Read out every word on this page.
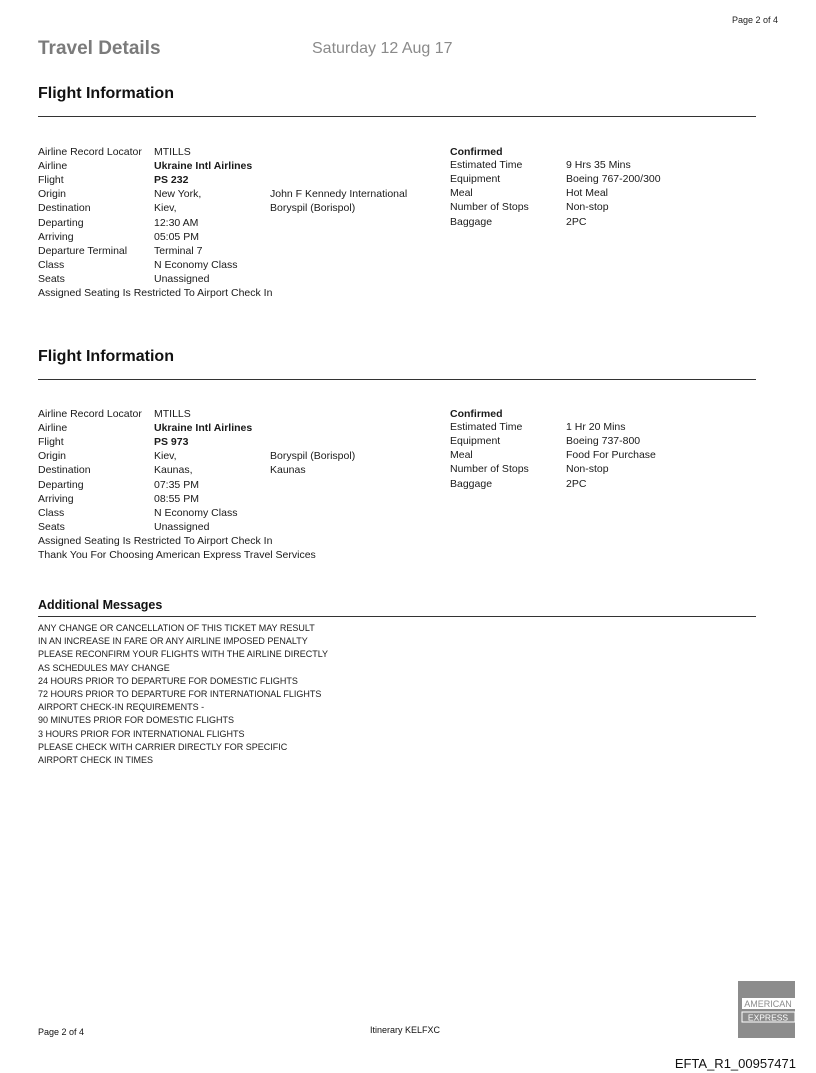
Page 2 of 4
Travel Details	Saturday 12 Aug 17
Flight Information
Airline Record Locator MTILLS
Airline	Ukraine Intl Airlines
Flight	PS 232
Origin	New York,	John F Kennedy International
Destination	Kiev,	Boryspil (Borispol)
Departing	12:30 AM
Arriving	05:05 PM
Departure Terminal	Terminal 7
Class	N Economy Class
Seats	Unassigned
Assigned Seating Is Restricted To Airport Check In
Confirmed
Estimated Time	9 Hrs 35 Mins
Equipment	Boeing 767-200/300
Meal	Hot Meal
Number of Stops	Non-stop
Baggage	2PC
Flight Information
Airline Record Locator MTILLS
Airline	Ukraine Intl Airlines
Flight	PS 973
Origin	Kiev,	Boryspil (Borispol)
Destination	Kaunas,	Kaunas
Departing	07:35 PM
Arriving	08:55 PM
Class	N Economy Class
Seats	Unassigned
Assigned Seating Is Restricted To Airport Check In
Thank You For Choosing American Express Travel Services
Confirmed
Estimated Time	1 Hr 20 Mins
Equipment	Boeing 737-800
Meal	Food For Purchase
Number of Stops	Non-stop
Baggage	2PC
Additional Messages
ANY CHANGE OR CANCELLATION OF THIS TICKET MAY RESULT
IN AN INCREASE IN FARE OR ANY AIRLINE IMPOSED PENALTY
PLEASE RECONFIRM YOUR FLIGHTS WITH THE AIRLINE DIRECTLY
AS SCHEDULES MAY CHANGE
24 HOURS PRIOR TO DEPARTURE FOR DOMESTIC FLIGHTS
72 HOURS PRIOR TO DEPARTURE FOR INTERNATIONAL FLIGHTS
AIRPORT CHECK-IN REQUIREMENTS -
90 MINUTES PRIOR FOR DOMESTIC FLIGHTS
3 HOURS PRIOR FOR INTERNATIONAL FLIGHTS
PLEASE CHECK WITH CARRIER DIRECTLY FOR SPECIFIC
AIRPORT CHECK IN TIMES
Page 2 of 4	Itinerary KELFXC
AMERICAN
EXPRESS
EFTA_R1_00957471
